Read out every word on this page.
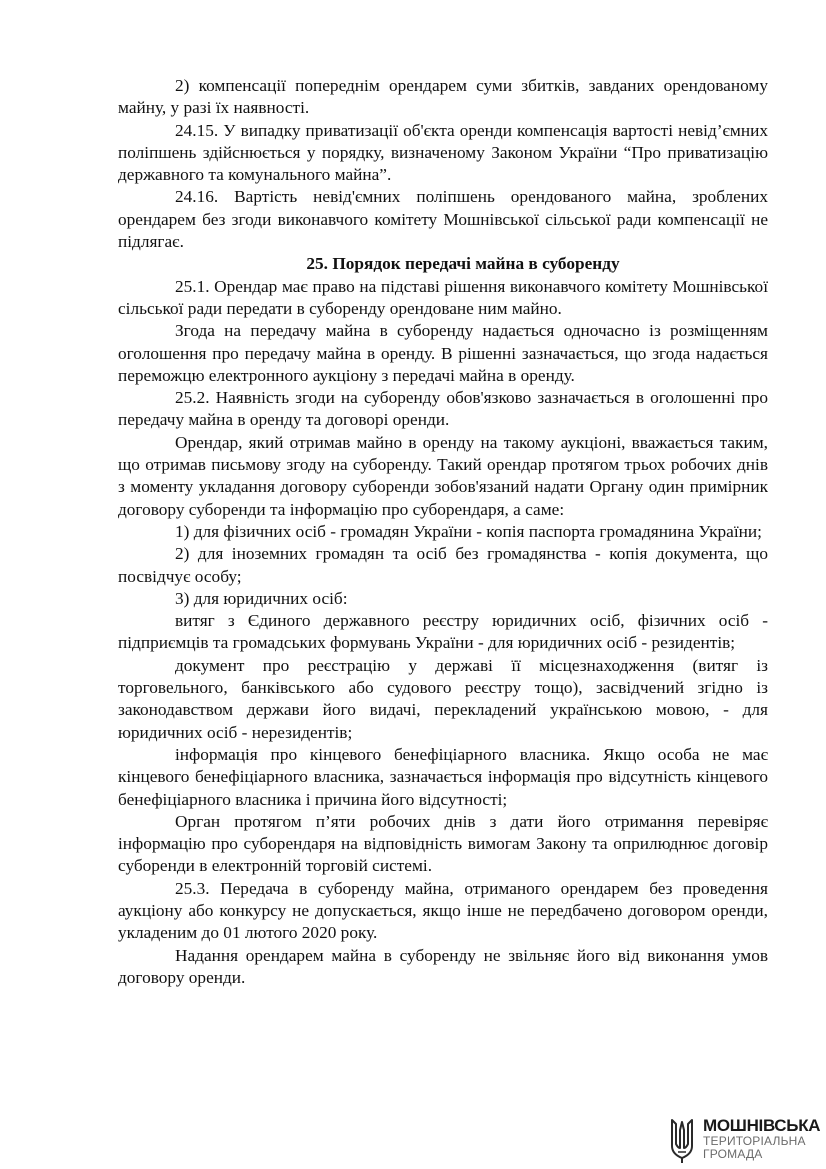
2) компенсації попереднім орендарем суми збитків, завданих орендованому майну, у разі їх наявності.

24.15. У випадку приватизації об'єкта оренди компенсація вартості невід’ємних поліпшень здійснюється у порядку, визначеному Законом України “Про приватизацію державного та комунального майна”.

24.16. Вартість невід'ємних поліпшень орендованого майна, зроблених орендарем без згоди виконавчого комітету Мошнівської сільської ради компенсації не підлягає.

25. Порядок передачі майна в суборенду

25.1. Орендар має право на підставі рішення виконавчого комітету Мошнівської сільської ради передати в суборенду орендоване ним майно.

Згода на передачу майна в суборенду надається одночасно із розміщенням оголошення про передачу майна в оренду. В рішенні зазначається, що згода надається переможцю електронного аукціону з передачі майна в оренду.

25.2. Наявність згоди на суборенду обов'язково зазначається в оголошенні про передачу майна в оренду та договорі оренди.

Орендар, який отримав майно в оренду на такому аукціоні, вважається таким, що отримав письмову згоду на суборенду. Такий орендар протягом трьох робочих днів з моменту укладання договору суборенди зобов'язаний надати Органу один примірник договору суборенди та інформацію про суборендаря, а саме:

1) для фізичних осіб - громадян України - копія паспорта громадянина України;

2) для іноземних громадян та осіб без громадянства - копія документа, що посвідчує особу;

3) для юридичних осіб:

витяг з Єдиного державного реєстру юридичних осіб, фізичних осіб - підприємців та громадських формувань України - для юридичних осіб - резидентів;

документ про реєстрацію у державі її місцезнаходження (витяг із торговельного, банківського або судового реєстру тощо), засвідчений згідно із законодавством держави його видачі, перекладений українською мовою, - для юридичних осіб - нерезидентів;

інформація про кінцевого бенефіціарного власника. Якщо особа не має кінцевого бенефіціарного власника, зазначається інформація про відсутність кінцевого бенефіціарного власника і причина його відсутності;

Орган протягом п’яти робочих днів з дати його отримання перевіряє інформацію про суборендаря на відповідність вимогам Закону та оприлюднює договір суборенди в електронній торговій системі.

25.3. Передача в суборенду майна, отриманого орендарем без проведення аукціону або конкурсу не допускається, якщо інше не передбачено договором оренди, укладеним до 01 лютого 2020 року.

Надання орендарем майна в суборенду не звільняє його від виконання умов договору оренди.

МОШНІВСЬКА
ТЕРИТОРІАЛЬНА
ГРОМАДА
